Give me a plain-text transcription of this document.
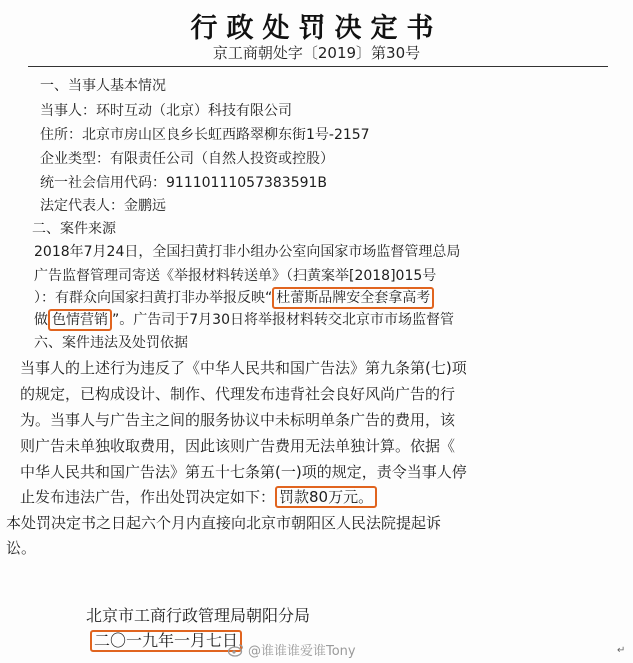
行政处罚决定书
京工商朝处字〔2019〕第30号
一、当事人基本情况
当事人：环时互动（北京）科技有限公司
住所：北京市房山区良乡长虹西路翠柳东街1号-2157
企业类型：有限责任公司（自然人投资或控股）
统一社会信用代码：91110111057383591B
法定代表人：金鹏远
二、案件来源
2018年7月24日，全国扫黄打非小组办公室向国家市场监督管理总局
广告监督管理司寄送《举报材料转送单》（扫黄案举[2018]015号
）：有群众向国家扫黄打非办举报反映“ 杜蕾斯品牌安全套拿高考
做 色情营销 ”。广告司于7月30日将举报材料转交北京市市场监督管
六、案件违法及处罚依据
当事人的上述行为违反了《中华人民共和国广告法》第九条第(七)项
的规定，已构成设计、制作、代理发布违背社会良好风尚广告的行
为。当事人与广告主之间的服务协议中未标明单条广告的费用，该
则广告未单独收取费用，因此该则广告费用无法单独计算。依据《
中华人民共和国广告法》第五十七条第(一)项的规定，责令当事人停
止发布违法广告，作出处罚决定如下： 罚款80万元。
本处罚决定书之日起六个月内直接向北京市朝阳区人民法院提起诉
讼。
北京市工商行政管理局朝阳分局
二〇一九年一月七日
@谁谁谁爱谁Tony	↵
